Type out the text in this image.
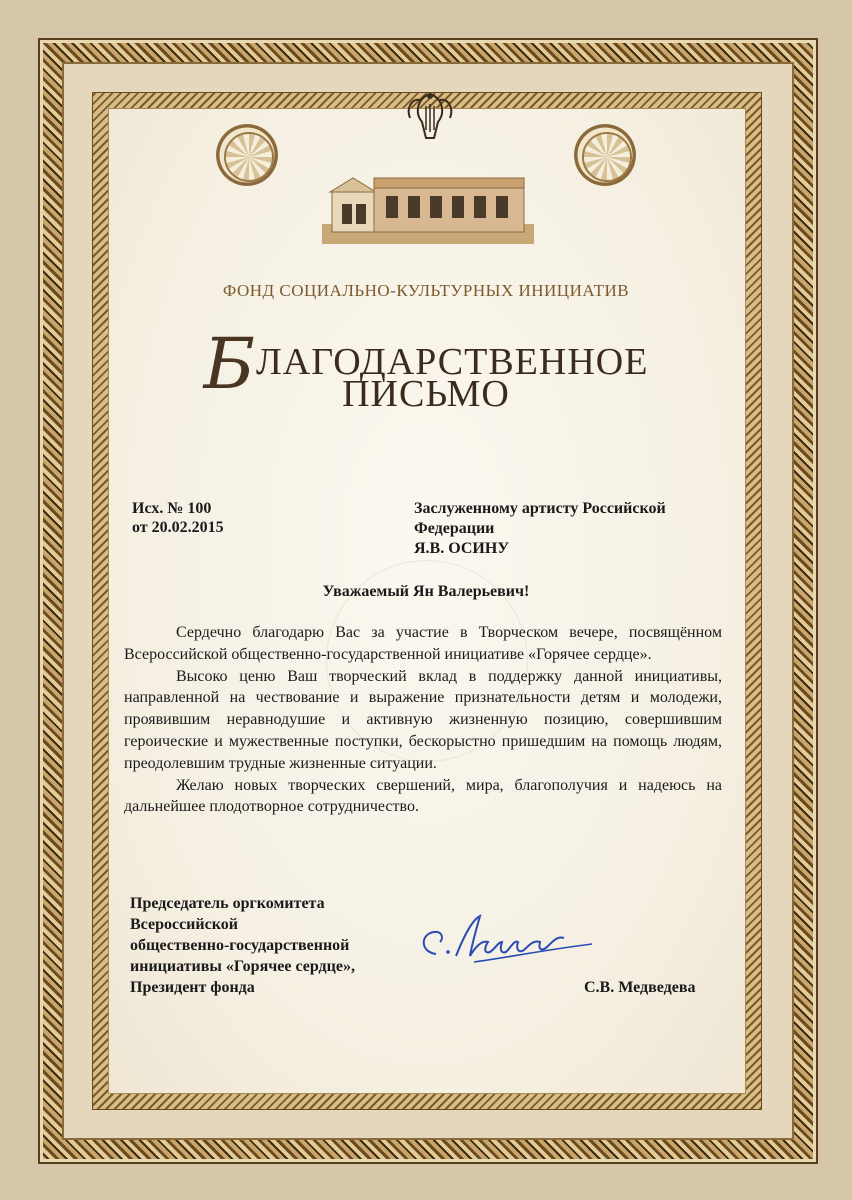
ФОНД СОЦИАЛЬНО-КУЛЬТУРНЫХ ИНИЦИАТИВ
БЛАГОДАРСТВЕННОЕ
ПИСЬМО
Исх. № 100
от 20.02.2015
Заслуженному артисту Российской
Федерации
Я.В. ОСИНУ
Уважаемый Ян Валерьевич!

Сердечно благодарю Вас за участие в Творческом вечере, посвящённом Всероссийской общественно-государственной инициативе «Горячее сердце».

Высоко ценю Ваш творческий вклад в поддержку данной инициативы, направленной на чествование и выражение признательности детям и молодежи, проявившим неравнодушие и активную жизненную позицию, совершившим героические и мужественные поступки, бескорыстно пришедшим на помощь людям, преодолевшим трудные жизненные ситуации.

Желаю новых творческих свершений, мира, благополучия и надеюсь на дальнейшее плодотворное сотрудничество.

Председатель оргкомитета
Всероссийской
общественно-государственной
инициативы «Горячее сердце»,
Президент фонда	С.В. Медведева
